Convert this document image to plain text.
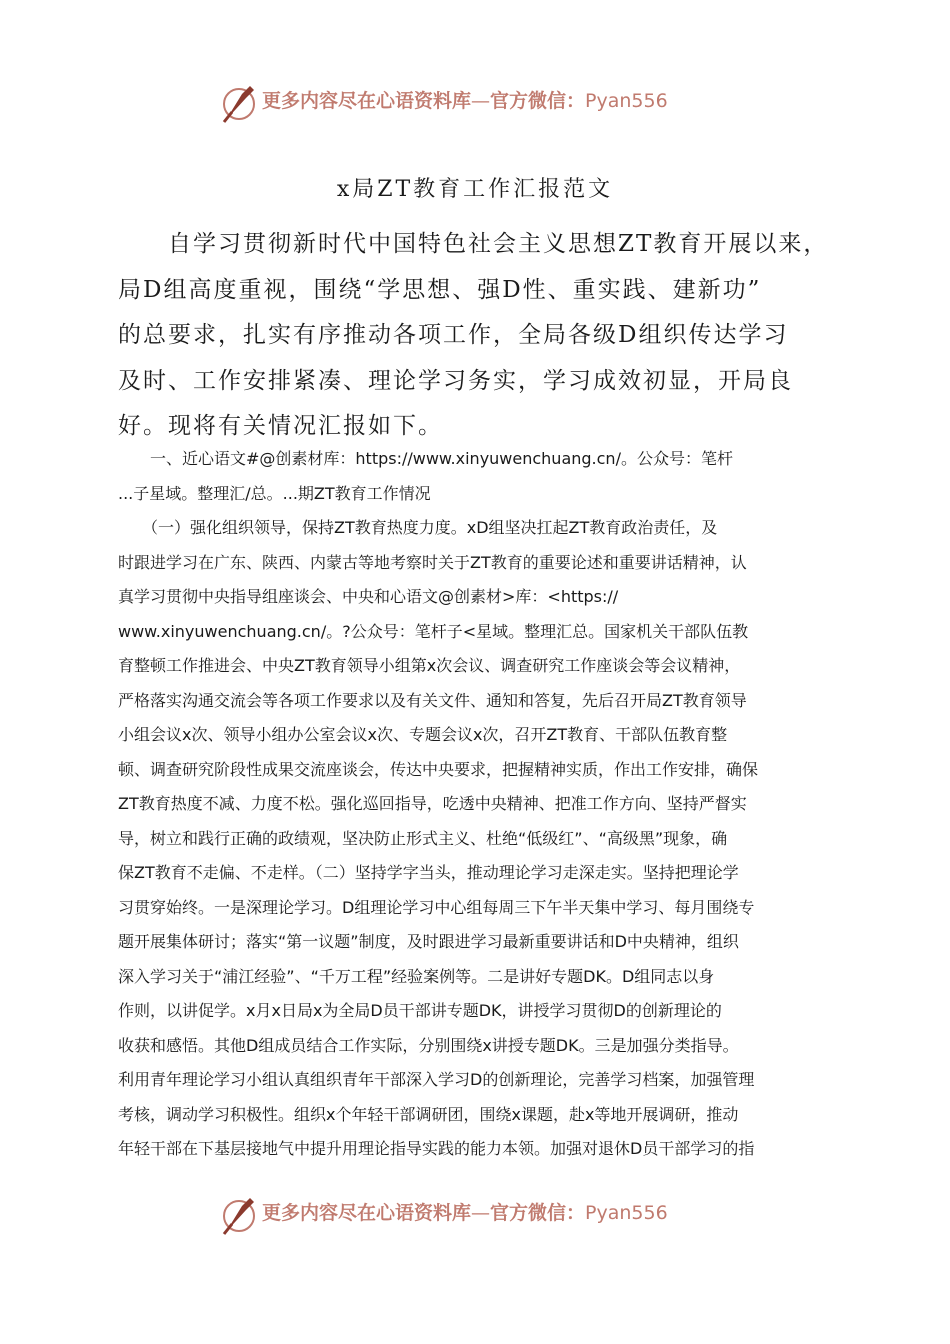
更多内容尽在心语资料库—官方微信：Pyan556
x局ZT教育工作汇报范文
　　自学习贯彻新时代中国特色社会主义思想ZT教育开展以来，
局D组高度重视，围绕“学思想、强D性、重实践、建新功”
的总要求，扎实有序推动各项工作，全局各级D组织传达学习
及时、工作安排紧凑、理论学习务实，学习成效初显，开局良
好。现将有关情况汇报如下。
　　一、近心语文#@创素材库：https://www.xinyuwenchuang.cn/。公众号：笔杆
...子星域。整理汇/总。...期ZT教育工作情况
　　（一）强化组织领导，保持ZT教育热度力度。xD组坚决扛起ZT教育政治责任，及
时跟进学习在广东、陕西、内蒙古等地考察时关于ZT教育的重要论述和重要讲话精神，认
真学习贯彻中央指导组座谈会、中央和心语文@创素材>库：<https://
www.xinyuwenchuang.cn/。?公众号：笔杆子<星域。整理汇总。国家机关干部队伍教
育整顿工作推进会、中央ZT教育领导小组第x次会议、调查研究工作座谈会等会议精神，
严格落实沟通交流会等各项工作要求以及有关文件、通知和答复，先后召开局ZT教育领导
小组会议x次、领导小组办公室会议x次、专题会议x次，召开ZT教育、干部队伍教育整
顿、调查研究阶段性成果交流座谈会，传达中央要求，把握精神实质，作出工作安排，确保
ZT教育热度不减、力度不松。强化巡回指导，吃透中央精神、把准工作方向、坚持严督实
导，树立和践行正确的政绩观，坚决防止形式主义、杜绝“低级红”、“高级黑”现象，确
保ZT教育不走偏、不走样。（二）坚持学字当头，推动理论学习走深走实。坚持把理论学
习贯穿始终。一是深理论学习。D组理论学习中心组每周三下午半天集中学习、每月围绕专
题开展集体研讨；落实“第一议题”制度，及时跟进学习最新重要讲话和D中央精神，组织
深入学习关于“浦江经验”、“千万工程”经验案例等。二是讲好专题DK。D组同志以身
作则，以讲促学。x月x日局x为全局D员干部讲专题DK，讲授学习贯彻D的创新理论的
收获和感悟。其他D组成员结合工作实际，分别围绕x讲授专题DK。三是加强分类指导。
利用青年理论学习小组认真组织青年干部深入学习D的创新理论，完善学习档案，加强管理
考核，调动学习积极性。组织x个年轻干部调研团，围绕x课题，赴x等地开展调研，推动
年轻干部在下基层接地气中提升用理论指导实践的能力本领。加强对退休D员干部学习的指
更多内容尽在心语资料库—官方微信：Pyan556
